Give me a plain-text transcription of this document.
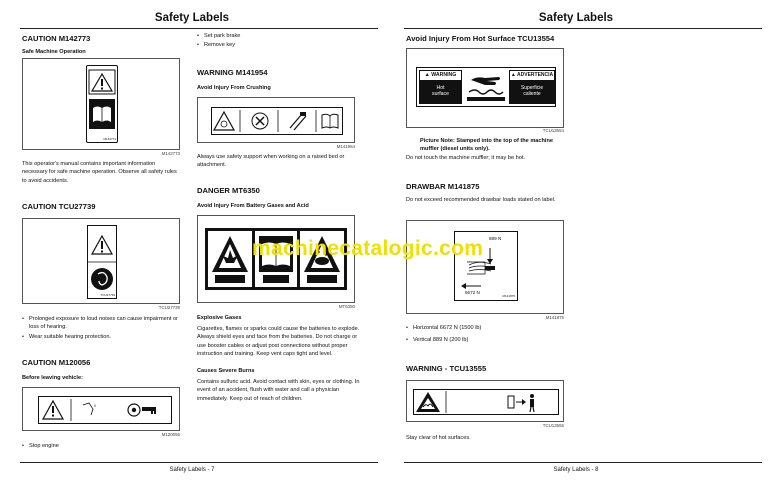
Safety Labels
CAUTION M142773
Safe Machine Operation
M142773
M142773
This operator's manual contains important information necessary for safe machine operation. Observe all safety rules to avoid accidents.
CAUTION TCU27739
TCU27739
TCU27739
• Prolonged exposure to loud noises can cause impairment or loss of hearing.
• Wear suitable hearing protection.
CAUTION M120056
Before leaving vehicle:
0
M120056
• Stop engine
• Set park brake
• Remove key
WARNING M141954
Avoid Injury From Crushing
M141954
Always use safety support when working on a raised bed or attachment.
DANGER MT6350
Avoid Injury From Battery Gases and Acid
MT6350
Explosive Gases
Cigarettes, flames or sparks could cause the batteries to explode. Always shield eyes and face from the batteries. Do not charge or use booster cables or adjust post connections without proper instruction and training. Keep vent caps tight and level.
Causes Severe Burns
Contains sulfuric acid. Avoid contact with skin, eyes or clothing. In event of an accident, flush with water and call a physician immediately. Keep out of reach of children.
Safety Labels - 7
Safety Labels
Avoid Injury From Hot Surface TCU13554
▲ WARNING
Hot surface
▲ ADVERTENCIA
Superficie caliente
TCU13554
Picture Note: Stamped into the top of the machine muffler (diesel units only).
Do not touch the machine muffler; it may be hot.
DRAWBAR M141875
Do not exceed recommended drawbar loads stated on label.
889 N
6672 N
M141875
M141875
• Horizontal 6672 N (1500 lb)
• Vertical 889 N (200 lb)
WARNING - TCU13555
TCU13555
Stay clear of hot surfaces.
Safety Labels - 8
machinecatalogic.com
